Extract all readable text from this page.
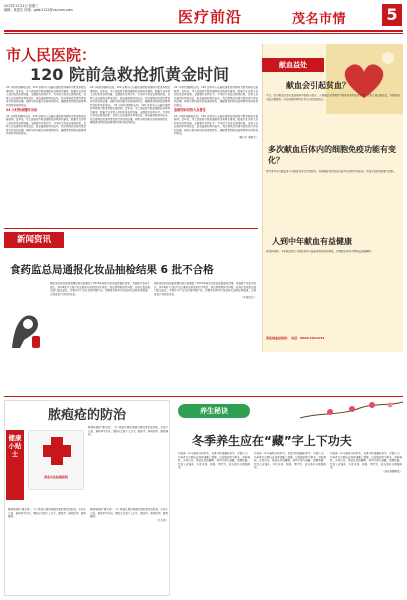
2013年12月4日 星期三
编辑：黄建光 信箱：gdsh1122@vip.tom.com	医疗前沿	茂名市情	5
市人民医院：
120 院前急救抢抓黄金时间
24 小时待命随时出动，120 急救中心以最快速度赶到现场为患者争取宝贵时间。近年来，市人民医院不断加强院前急救体系建设，配备专业急救人员和先进急救设备，全面提升急救水平，为市民生命安全保驾护航。急救人员在接到求救电话后，能在最短时间内出车，到达现场后迅速对患者进行评估和处理，同时与院内相关科室保持联系，确保患者到院后能够得到及时有效的救治。
24 小时待命随时出动
24 小时待命随时出动，120 急救中心以最快速度赶到现场为患者争取宝贵时间。近年来，市人民医院不断加强院前急救体系建设，配备专业急救人员和先进急救设备，全面提升急救水平，为市民生命安全保驾护航。急救人员在接到求救电话后，能在最短时间内出车，到达现场后迅速对患者进行评估和处理，同时与院内相关科室保持联系，确保患者到院后能够得到及时有效的救治。
24 小时待命随时出动，120 急救中心以最快速度赶到现场为患者争取宝贵时间。近年来，市人民医院不断加强院前急救体系建设，配备专业急救人员和先进急救设备，全面提升急救水平，为市民生命安全保驾护航。急救人员在接到求救电话后，能在最短时间内出车，到达现场后迅速对患者进行评估和处理，同时与院内相关科室保持联系，确保患者到院后能够得到及时有效的救治。 24 小时待命随时出动，120 急救中心以最快速度赶到现场为患者争取宝贵时间。近年来，市人民医院不断加强院前急救体系建设，配备专业急救人员和先进急救设备，全面提升急救水平，为市民生命安全保驾护航。急救人员在接到求救电话后，能在最短时间内出车，到达现场后迅速对患者进行评估和处理，同时与院内相关科室保持联系，确保患者到院后能够得到及时有效的救治。
24 小时待命随时出动，120 急救中心以最快速度赶到现场为患者争取宝贵时间。近年来，市人民医院不断加强院前急救体系建设，配备专业急救人员和先进急救设备，全面提升急救水平，为市民生命安全保驾护航。急救人员在接到求救电话后，能在最短时间内出车，到达现场后迅速对患者进行评估和处理，同时与院内相关科室保持联系，确保患者到院后能够得到及时有效的救治。
急救知识有待大众普及
24 小时待命随时出动，120 急救中心以最快速度赶到现场为患者争取宝贵时间。近年来，市人民医院不断加强院前急救体系建设，配备专业急救人员和先进急救设备，全面提升急救水平，为市民生命安全保驾护航。急救人员在接到求救电话后，能在最短时间内出车，到达现场后迅速对患者进行评估和处理，同时与院内相关科室保持联系，确保患者到院后能够得到及时有效的救治。
（黄日生 李继飞）
献血益处
献血会引起贫血？
不会。因为献血只是从血液循环中抽取小部分，人体通过自我调节可很快恢复到正常状态。正常人每次献血后，骨髓造血功能会被激发，可在较短时间内补足失去的血液成分。
多次献血后体内的细胞免疫功能有变化？
有学者对多次献血者与未献血者进行比较研究，发现献血者的免疫功能并未受到不良影响，且部分指标表现更为活跃。
人到中年献血有益健康
有资料表明，中年献血者比不献血者的心脑血管疾病发病率低，定期献血有助于降低血液黏稠度。
茂名城血站热线： 电话：0668-2911234
新闻资讯
食药监总局通报化妆品抽检结果 6 批不合格
国家食品药品监督管理总局日前通报了2013年国家化妆品监督抽验结果，共抽检产品若干批次，其中6批不合格产品主要存在标签标识不规范、检出禁用物质等问题。总局已责成相关部门依法查处，并要求生产企业召回问题产品。消费者在购买化妆品时应选择正规渠道，注意查看产品标签信息。
国家食品药品监督管理总局日前通报了2013年国家化妆品监督抽验结果，共抽检产品若干批次，其中6批不合格产品主要存在标签标识不规范、检出禁用物质等问题。总局已责成相关部门依法查处，并要求生产企业召回问题产品。消费者在购买化妆品时应选择正规渠道，注意查看产品标签信息。
（本报综合）
脓疱疮的防治
健康小贴士
茂名市皮肤病医院
脓疱疮俗称“黄水疮”，为一种由化脓性球菌引起的常见皮肤病，多发于儿童，夏秋季节多见。预防应注意个人卫生，勤洗手，修剪指甲，避免搔抓。
脓疱疮俗称“黄水疮”，为一种由化脓性球菌引起的常见皮肤病，多发于儿童，夏秋季节多见。预防应注意个人卫生，勤洗手，修剪指甲，避免搔抓。
脓疱疮俗称“黄水疮”，为一种由化脓性球菌引起的常见皮肤病，多发于儿童，夏秋季节多见。预防应注意个人卫生，勤洗手，修剪指甲，避免搔抓。
（王玉基）
养生秘诀
冬季养生应在“藏”字上下功夫
冬季是一年中最寒冷的季节，也是万物闭藏的季节。中医认为，冬季养生应顺应自然界闭藏之规律，以敛阴护阳为根本。早卧晚起，必待日光，保证充足的睡眠，有利于阳气潜藏，阴精积蓄。饮食上宜温补，多吃羊肉、核桃、黑豆等，适当进补以增强体质。
冬季是一年中最寒冷的季节，也是万物闭藏的季节。中医认为，冬季养生应顺应自然界闭藏之规律，以敛阴护阳为根本。早卧晚起，必待日光，保证充足的睡眠，有利于阳气潜藏，阴精积蓄。饮食上宜温补，多吃羊肉、核桃、黑豆等，适当进补以增强体质。
冬季是一年中最寒冷的季节，也是万物闭藏的季节。中医认为，冬季养生应顺应自然界闭藏之规律，以敛阴护阳为根本。早卧晚起，必待日光，保证充足的睡眠，有利于阳气潜藏，阴精积蓄。饮食上宜温补，多吃羊肉、核桃、黑豆等，适当进补以增强体质。
（摘自某健康报）
